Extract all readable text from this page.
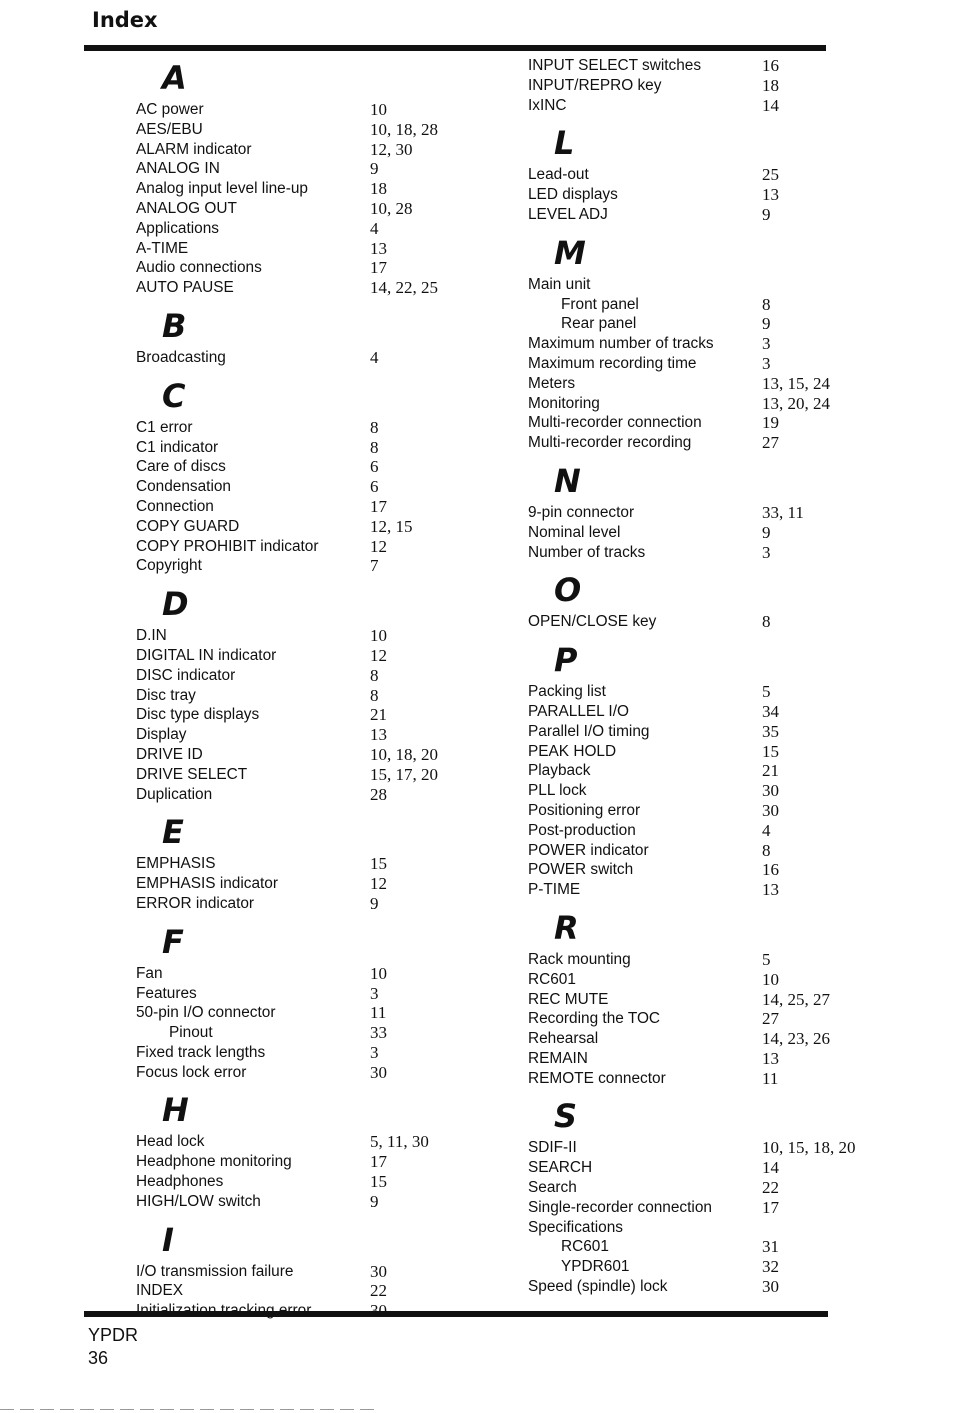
Index
A
AC power	10
AES/EBU	10, 18, 28
ALARM indicator	12, 30
ANALOG IN	9
Analog input level line-up	18
ANALOG OUT	10, 28
Applications	4
A-TIME	13
Audio connections	17
AUTO PAUSE	14, 22, 25
B
Broadcasting	4
C
C1 error	8
C1 indicator	8
Care of discs	6
Condensation	6
Connection	17
COPY GUARD	12, 15
COPY PROHIBIT indicator	12
Copyright	7
D
D.IN	10
DIGITAL IN indicator	12
DISC indicator	8
Disc tray	8
Disc type displays	21
Display	13
DRIVE ID	10, 18, 20
DRIVE SELECT	15, 17, 20
Duplication	28
E
EMPHASIS	15
EMPHASIS indicator	12
ERROR indicator	9
F
Fan	10
Features	3
50-pin I/O connector	11
Pinout	33
Fixed track lengths	3
Focus lock error	30
H
Head lock	5, 11, 30
Headphone monitoring	17
Headphones	15
HIGH/LOW switch	9
I
I/O transmission failure	30
INDEX	22
INPUT SELECT switches	16
INPUT/REPRO key	18
IxINC	14
L
Lead-out	25
LED displays	13
LEVEL ADJ	9
M
Main unit
Front panel	8
Rear panel	9
Maximum number of tracks	3
Maximum recording time	3
Meters	13, 15, 24
Monitoring	13, 20, 24
Multi-recorder connection	19
Multi-recorder recording	27
N
9-pin connector	33, 11
Nominal level	9
Number of tracks	3
O
OPEN/CLOSE key	8
P
Packing list	5
PARALLEL I/O	34
Parallel I/O timing	35
PEAK HOLD	15
Playback	21
PLL lock	30
Positioning error	30
Post-production	4
POWER indicator	8
POWER switch	16
P-TIME	13
R
Rack mounting	5
RC601	10
REC MUTE	14, 25, 27
Recording the TOC	27
Rehearsal	14, 23, 26
REMAIN	13
REMOTE connector	11
S
SDIF-II	10, 15, 18, 20
SEARCH	14
Search	22
Single-recorder connection	17
Specifications
RC601	31
YPDR601	32
Speed (spindle) lock	30
YPDR
36
